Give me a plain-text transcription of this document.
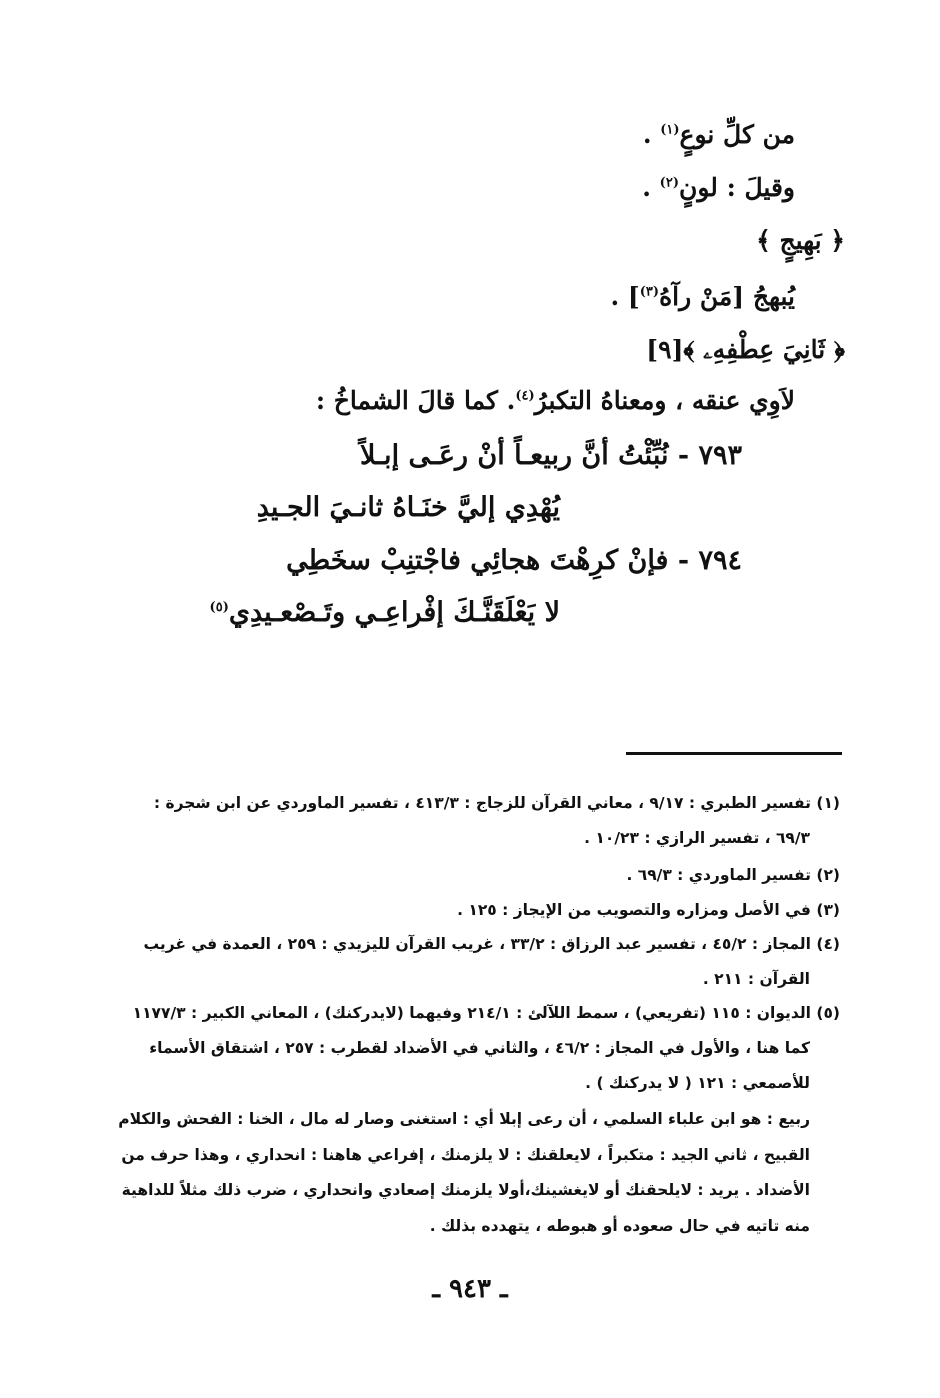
من كلِّ نوعٍ$^{(١)}$ .
وقيلَ : لونٍ$^{(٢)}$ .
﴿ بَهِيجٍ ﴾
يُبهجُ [مَنْ رآهُ$^{(٣)}$] .
﴿ ثَانِيَ عِطْفِهِۦ ﴾[٩]
لاَوِي عنقه ، ومعناهُ التكبرُ$^{(٤)}$. كما قالَ الشماخُ :
٧٩٣ - نُبِّئْتُ أنَّ ربيعـاً أنْ رعَـى إبـلاً
يُهْدِي إليَّ خنَـاهُ ثانـيَ الجـيدِ
٧٩٤ - فإنْ كرِهْتَ هجائِي فاجْتنِبْ سخَطِي
لا يَعْلَقَنَّـكَ إفْراعِـي وتَـصْعـيدِي$^{(٥)}$
(١) تفسير الطبري : ٩/١٧ ، معاني القرآن للزجاج : ٤١٣/٣ ، تفسير الماوردي عن ابن شجرة :
٦٩/٣ ، تفسير الرازي : ١٠/٢٣ .
(٢) تفسير الماوردي : ٦٩/٣ .
(٣) في الأصل ومزاره والتصويب من الإيجاز : ١٢٥ .
(٤) المجاز : ٤٥/٢ ، تفسير عبد الرزاق : ٣٣/٢ ، غريب القرآن لليزيدي : ٢٥٩ ، العمدة في غريب
القرآن : ٢١١ .
(٥) الديوان : ١١٥ (تفريعي) ، سمط اللآلئ : ٢١٤/١ وفيهما (لايدركنك) ، المعاني الكبير : ١١٧٧/٣
كما هنا ، والأول في المجاز : ٤٦/٢ ، والثاني في الأضداد لقطرب : ٢٥٧ ، اشتقاق الأسماء
للأصمعي : ١٢١ ( لا يدركنك ) .
ربيع : هو ابن علباء السلمي ، أن رعى إبلا أي : استغنى وصار له مال ، الخنا : الفحش والكلام
القبيح ، ثاني الجيد : متكبراً ، لايعلقنك : لا يلزمنك ، إفراعي هاهنا : انحداري ، وهذا حرف من
الأضداد . يريد : لايلحقنك أو لايغشينك،أولا يلزمنك إصعادي وانحداري ، ضرب ذلك مثلاً للداهية
منه تاتيه في حال صعوده أو هبوطه ، يتهدده بذلك .
ـ ٩٤٣ ـ
